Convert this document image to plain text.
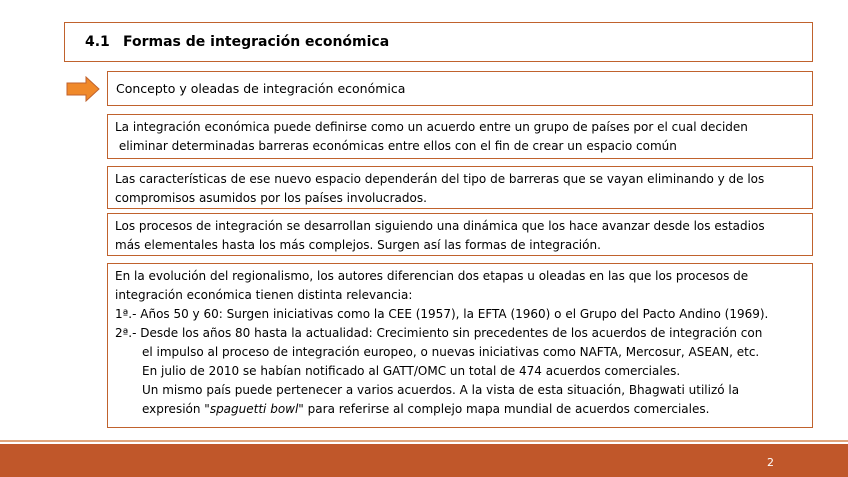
4.1 Formas de integración económica
Concepto y oleadas de integración económica

La integración económica puede definirse como un acuerdo entre un grupo de países por el cual deciden

eliminar determinadas barreras económicas entre ellos con el fin de crear un espacio común

Las características de ese nuevo espacio dependerán del tipo de barreras que se vayan eliminando y de los

compromisos asumidos por los países involucrados.

Los procesos de integración se desarrollan siguiendo una dinámica que los hace avanzar desde los estadios

más elementales hasta los más complejos. Surgen así las formas de integración.

En la evolución del regionalismo, los autores diferencian dos etapas u oleadas en las que los procesos de

integración económica tienen distinta relevancia:

1ª.- Años 50 y 60: Surgen iniciativas como la CEE (1957), la EFTA (1960) o el Grupo del Pacto Andino (1969).

2ª.- Desde los años 80 hasta la actualidad: Crecimiento sin precedentes de los acuerdos de integración con

el impulso al proceso de integración europeo, o nuevas iniciativas como NAFTA, Mercosur, ASEAN, etc.

En julio de 2010 se habían notificado al GATT/OMC un total de 474 acuerdos comerciales.

Un mismo país puede pertenecer a varios acuerdos. A la vista de esta situación, Bhagwati utilizó la

expresión "spaguetti bowl" para referirse al complejo mapa mundial de acuerdos comerciales.

2
